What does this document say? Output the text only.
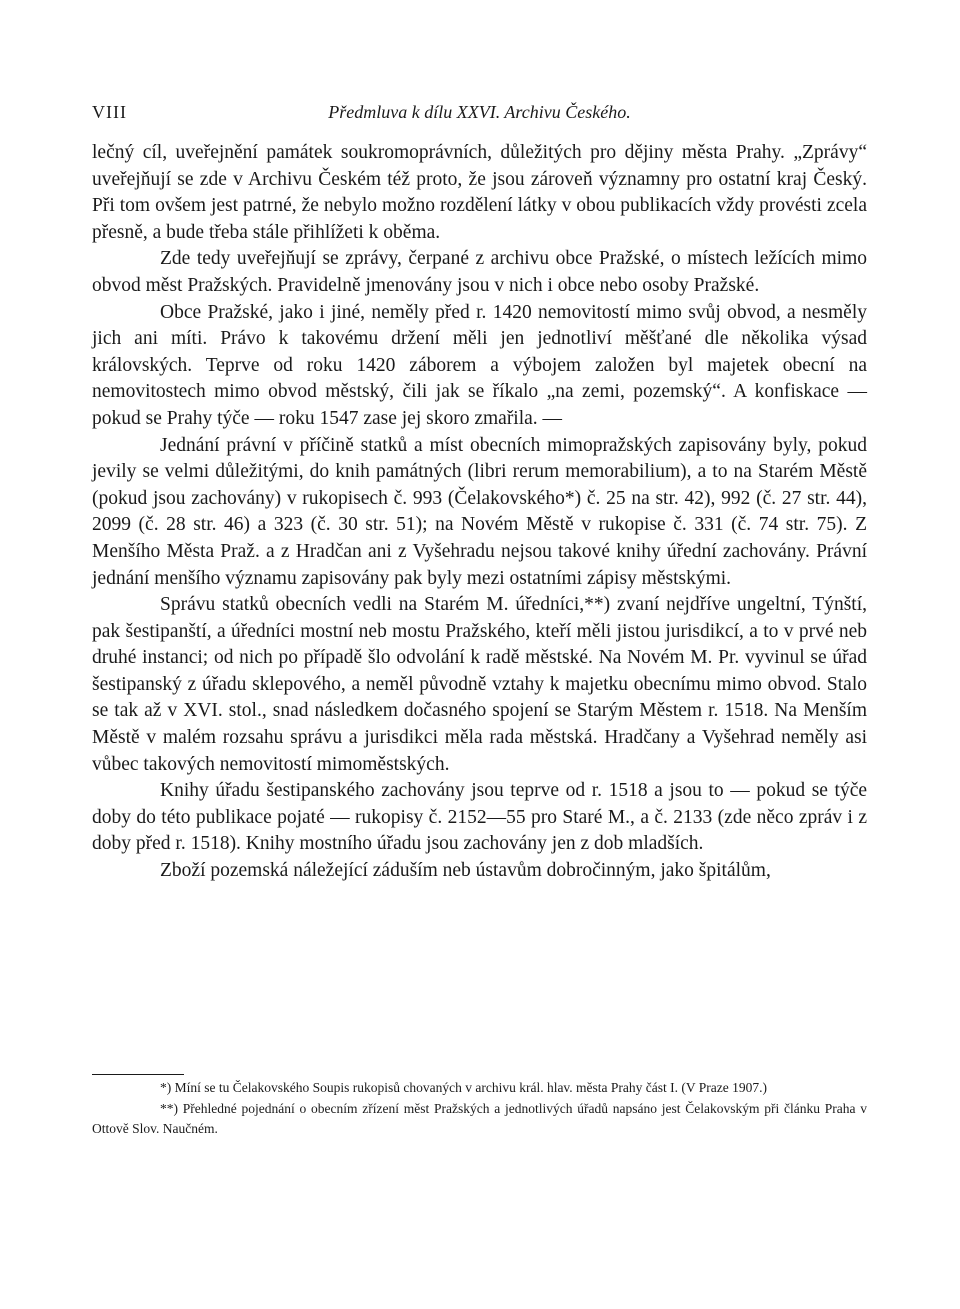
VIII	Předmluva k dílu XXVI. Archivu Českého.

lečný cíl, uveřejnění památek soukromoprávních, důležitých pro dějiny města Prahy. „Zprávy“ uveřejňují se zde v Archivu Českém též proto, že jsou zároveň významny pro ostatní kraj Český. Při tom ovšem jest patrné, že nebylo možno rozdělení látky v obou publikacích vždy provésti zcela přesně, a bude třeba stále přihlížeti k oběma.

Zde tedy uveřejňují se zprávy, čerpané z archivu obce Pražské, o místech ležících mimo obvod měst Pražských. Pravidelně jmenovány jsou v nich i obce nebo osoby Pražské.

Obce Pražské, jako i jiné, neměly před r. 1420 nemovitostí mimo svůj obvod, a nesměly jich ani míti. Právo k takovému držení měli jen jednotliví měšťané dle několika výsad královských. Teprve od roku 1420 záborem a výbojem založen byl majetek obecní na nemovitostech mimo obvod městský, čili jak se říkalo „na zemi, pozemský“. A konfiskace — pokud se Prahy týče — roku 1547 zase jej skoro zmařila. —

Jednání právní v příčině statků a míst obecních mimopražských zapisovány byly, pokud jevily se velmi důležitými, do knih památných (libri rerum memorabilium), a to na Starém Městě (pokud jsou zachovány) v rukopisech č. 993 (Čelakovského*) č. 25 na str. 42), 992 (č. 27 str. 44), 2099 (č. 28 str. 46) a 323 (č. 30 str. 51); na Novém Městě v rukopise č. 331 (č. 74 str. 75). Z Menšího Města Praž. a z Hradčan ani z Vyšehradu nejsou takové knihy úřední zachovány. Právní jednání menšího významu zapisovány pak byly mezi ostatními zápisy městskými.

Správu statků obecních vedli na Starém M. úředníci,**) zvaní nejdříve ungeltní, Týnští, pak šestipanští, a úředníci mostní neb mostu Pražského, kteří měli jistou jurisdikcí, a to v prvé neb druhé instanci; od nich po případě šlo odvolání k radě městské. Na Novém M. Pr. vyvinul se úřad šestipanský z úřadu sklepového, a neměl původně vztahy k majetku obecnímu mimo obvod. Stalo se tak až v XVI. stol., snad následkem dočasného spojení se Starým Městem r. 1518. Na Menším Městě v malém rozsahu správu a jurisdikci měla rada městská. Hradčany a Vyšehrad neměly asi vůbec takových nemovitostí mimoměstských.

Knihy úřadu šestipanského zachovány jsou teprve od r. 1518 a jsou to — pokud se týče doby do této publikace pojaté — rukopisy č. 2152—55 pro Staré M., a č. 2133 (zde něco zpráv i z doby před r. 1518). Knihy mostního úřadu jsou zachovány jen z dob mladších.

Zboží pozemská náležející záduším neb ústavům dobročinným, jako špitálům,

*) Míní se tu Čelakovského Soupis rukopisů chovaných v archivu král. hlav. města Prahy část I. (V Praze 1907.)

**) Přehledné pojednání o obecním zřízení měst Pražských a jednotlivých úřadů napsáno jest Čelakovským při článku Praha v Ottově Slov. Naučném.
